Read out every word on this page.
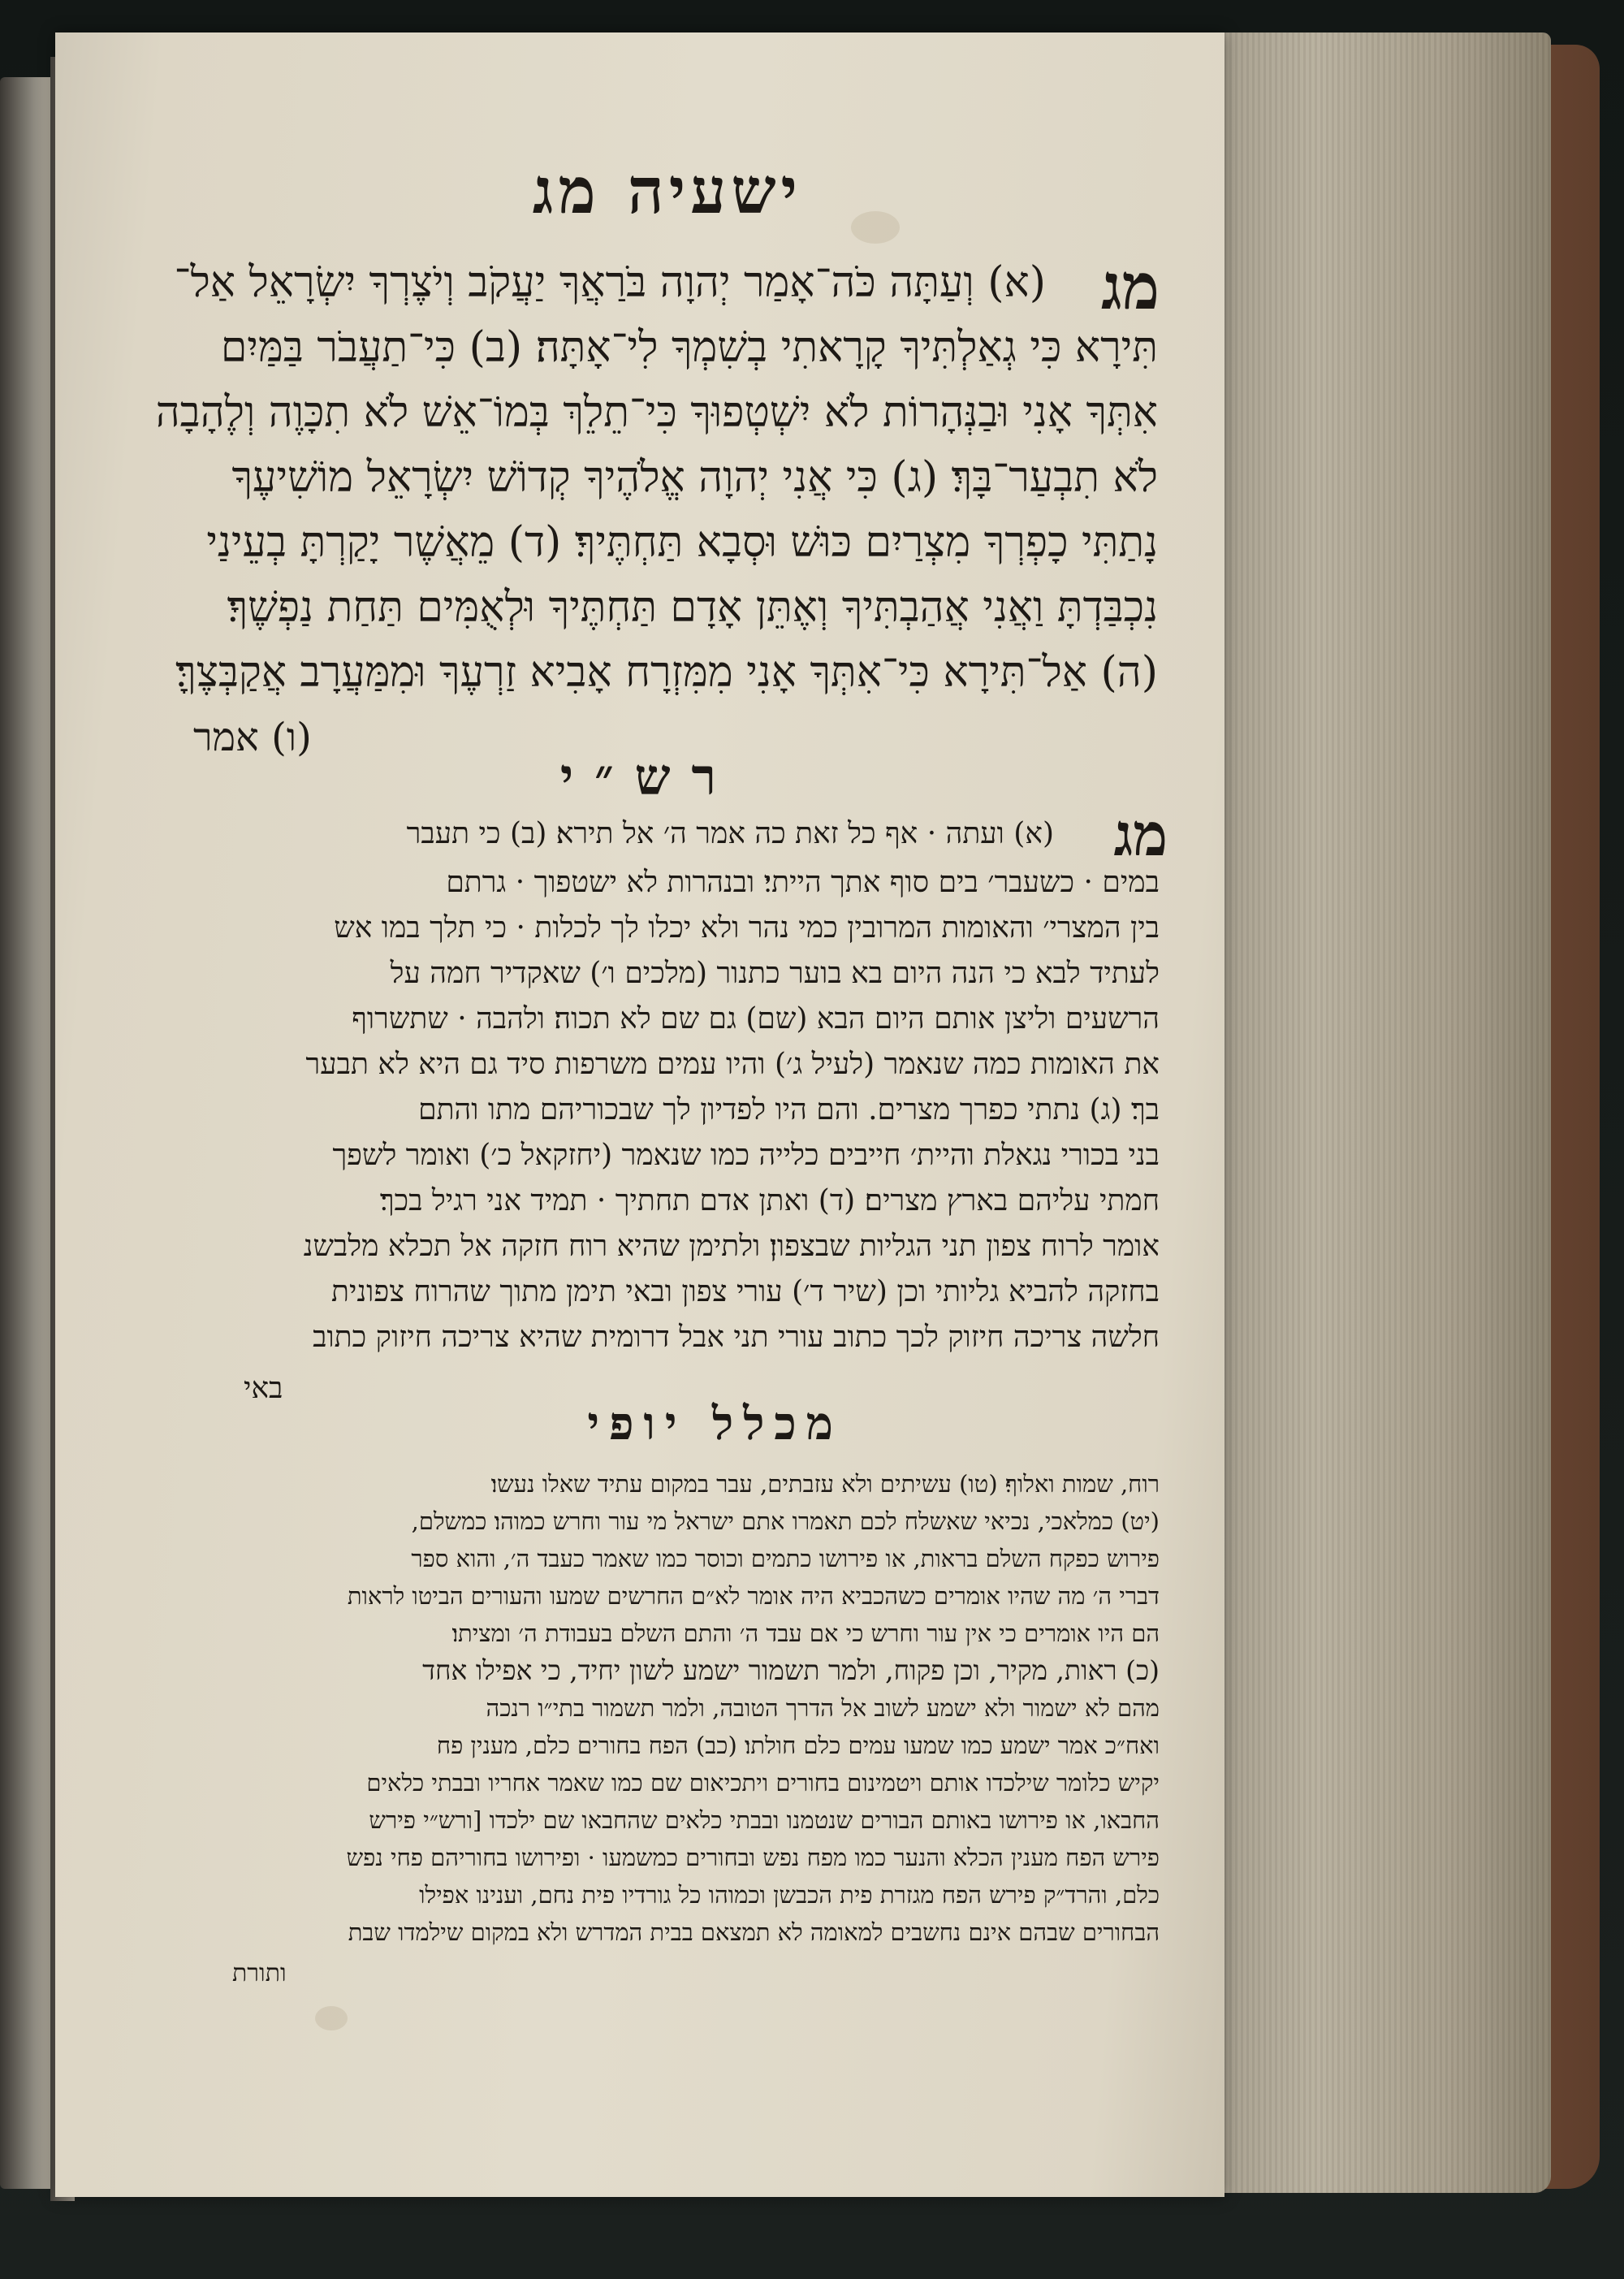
ישעיה מג
מג
(א) וְעַתָּה כֹּה־אָמַר יְהוָה בֹּרַאֲךָ יַעֲקֹב וְיֹצֶרְךָ יִשְׂרָאֵל אַל־
תִּירָא כִּי גְאַלְתִּיךָ קָרָאתִי בְשִׁמְךָ לִי־אָתָּה׃ (ב) כִּי־תַעֲבֹר בַּמַּיִם
אִתְּךָ אָנִי וּבַנְּהָרוֹת לֹא יִשְׁטְפוּךָ כִּי־תֵלֵךְ בְּמוֹ־אֵשׁ לֹא תִכָּוֶה וְלֶהָבָה
לֹא תִבְעַר־בָּךְ׃ (ג) כִּי אֲנִי יְהוָה אֱלֹהֶיךָ קְדוֹשׁ יִשְׂרָאֵל מוֹשִׁיעֶךָ
נָתַתִּי כָפְרְךָ מִצְרַיִם כּוּשׁ וּסְבָא תַּחְתֶּיךָ׃ (ד) מֵאֲשֶׁר יָקַרְתָּ בְעֵינַי
נִכְבַּדְתָּ וַאֲנִי אֲהַבְתִּיךָ וְאֶתֵּן אָדָם תַּחְתֶּיךָ וּלְאֻמִּים תַּחַת נַפְשֶׁךָ׃
(ה) אַל־תִּירָא כִּי־אִתְּךָ אָנִי מִמִּזְרָח אָבִיא זַרְעֶךָ וּמִמַּעֲרָב אֲקַבְּצֶךָּ׃
(ו) אמר
רש״י
מג
(א) ועתה · אף כל זאת כה אמר ה׳ אל תירא׃ (ב) כי תעבר
במים · כשעבר׳ בים סוף אתך הייתי׃ ובנהרות לא ישטפוך · גרתם
בין המצרי׳ והאומות המרובין כמי נהר ולא יכלו לך לכלות · כי תלך במו אש
לעתיד לבא כי הנה היום בא בוער כתנור (מלכים ו׳) שאקדיר חמה על
הרשעים וליצן אותם היום הבא (שם) גם שם לא תכוה׃ ולהבה · שתשרוף
את האומות כמה שנאמר (לעיל ג׳) והיו עמים משרפות סיד גם היא לא תבער
בך׃ (ג) נתתי כפרך מצרים. והם היו לפדיון לך שבכוריהם מתו והתם
בני בכורי נגאלת והיית׳ חייבים כלייה כמו שנאמר (יחזקאל כ׳) ואומר לשפך
חמתי עליהם בארץ מצרים׃ (ד) ואתן אדם תחתיך · תמיד אני רגיל בכך׃
אומר לרוח צפון תני הגליות שבצפון׃ ולתימן שהיא רוח חזקה אל תכלא מלבשנ
בחזקה להביא גליותי וכן (שיר ד׳) עורי צפון ובאי תימן מתוך שהרוח צפונית
חלשה צריכה חיזוק לכך כתוב עורי תני אבל דרומית שהיא צריכה חיזוק כתוב
באי
מכלל יופי
רוח, שמות ואלוף׃ (טו) עשיתים ולא עזבתים, עבר במקום עתיד שאלו נעשו׃
(יט) כמלאכי, נכיאי שאשלח לכם תאמרו אתם ישראל מי עור וחרש כמוהו׃ כמשלם,
פירוש כפקח השלם בראות, או פירושו כתמים וכוסר כמו שאמר כעבד ה׳, והוא ספר
דברי ה׳ מה שהיו אומרים כשהכביא היה אומר לא״ם החרשים שמעו והעורים הביטו לראות
הם היו אומרים כי אין עור וחרש כי אם עבד ה׳ והתם השלם בעבודת ה׳ ומציתו׃
(כ) ראות, מקיר, וכן פקוח, ולמר תשמור ישמע לשון יחיד, כי אפילו אחד
מהם לא ישמור ולא ישמע לשוב אל הדרך הטובה, ולמר תשמור בתי״ו רנכה
ואח״כ אמר ישמע כמו שמעו עמים כלם חולתו׃ (כב) הפח בחורים כלם, מענין פח
יקיש כלומר שילכדו אותם ויטמינום בחורים ויתכיאום שם כמו שאמר אחריו ובבתי כלאים
החבאו, או פירושו באותם הבורים שנטמנו ובבתי כלאים שהחבאו שם ילכדו [ורש״י פירש
פירש הפח מענין הכלא והנער כמו מפח נפש ובחורים כמשמעו · ופירושו בחוריהם פחי נפש
כלם, והרד״ק פירש הפח מגזרת פית הכבשן וכמוהו כל גורדיו פית נחם, וענינו אפילו
הבחורים שבהם אינם נחשבים למאומה לא תמצאם בבית המדרש ולא במקום שילמדו שבת
ותורת
